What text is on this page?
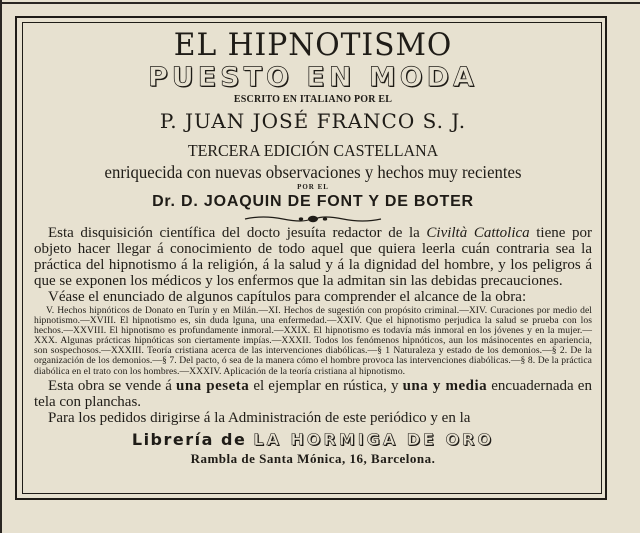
EL HIPNOTISMO
PUESTO EN MODA
ESCRITO EN ITALIANO POR EL
P. JUAN JOSÉ FRANCO S. J.
TERCERA EDICIÓN CASTELLANA
enriquecida con nuevas observaciones y hechos muy recientes
POR EL
Dr. D. JOAQUIN DE FONT Y DE BOTER

Esta disquisición científica del docto jesuíta redactor de la Civiltà Cattolica tiene por objeto hacer llegar á conocimiento de todo aquel que quiera leerla cuán contraria sea la práctica del hipnotismo á la religión, á la salud y á la dignidad del hombre, y los peligros á que se exponen los médicos y los enfermos que la admitan sin las debidas precauciones.

Véase el enunciado de algunos capítulos para comprender el alcance de la obra:

V. Hechos hipnóticos de Donato en Turín y en Milán.—XI. Hechos de sugestión con propósito criminal.—XIV. Curaciones por medio del hipnotismo.—XVIII. El hipnotismo es, sin duda lguna, una enfermedad.—XXIV. Que el hipnotismo perjudica la salud se prueba con los hechos.—XXVIII. El hipnotismo es profundamente inmoral.—XXIX. El hipnotismo es todavía más inmoral en los jóvenes y en la mujer.—XXX. Algunas prácticas hipnóticas son ciertamente impías.—XXXII. Todos los fenómenos hipnóticos, aun los másinocentes en apariencia, son sospechosos.—XXXIII. Teoría cristiana acerca de las intervenciones diabólicas.—§ 1 Naturaleza y estado de los demonios.—§ 2. De la organización de los demonios.—§ 7. Del pacto, ó sea de la manera cómo el hombre provoca las intervenciones diabólicas.—§ 8. De la práctica diabólica en el trato con los hombres.—XXXIV. Aplicación de la teoría cristiana al hipnotismo.

Esta obra se vende á una peseta el ejemplar en rústica, y una y media encuadernada en tela con planchas.

Para los pedidos dirigirse á la Administración de este periódico y en la

Librería de LA HORMIGA DE ORO
Rambla de Santa Mónica, 16, Barcelona.
